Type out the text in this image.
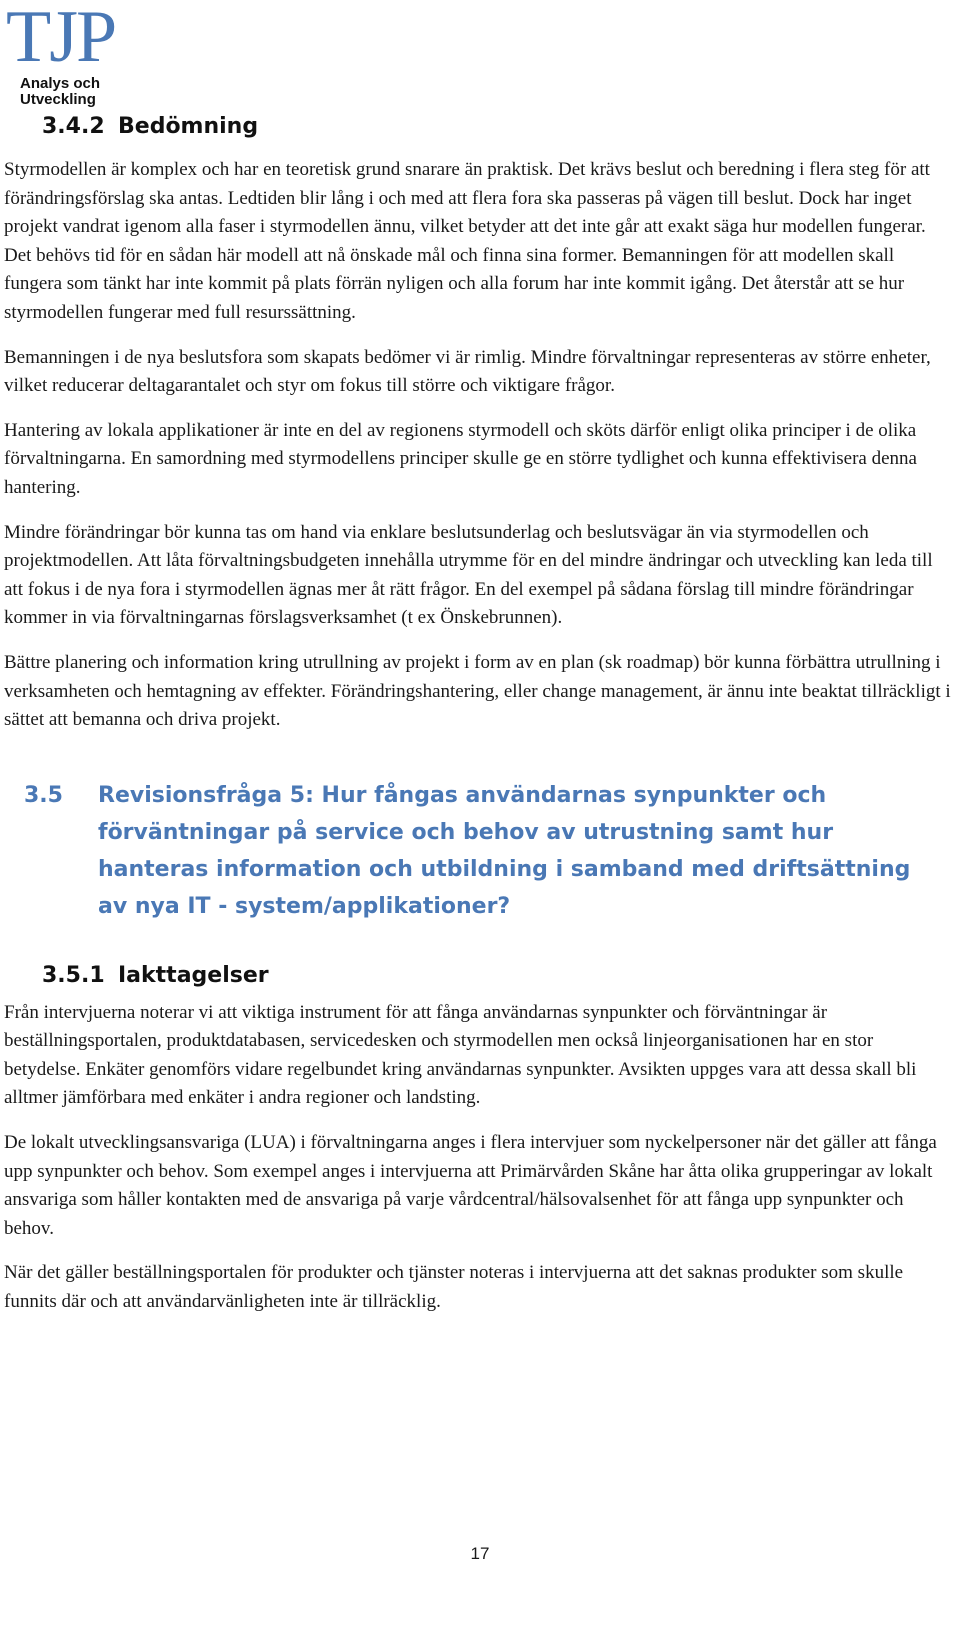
TJP
Analys och
Utveckling
3.4.2 Bedömning

Styrmodellen är komplex och har en teoretisk grund snarare än praktisk. Det krävs beslut och beredning i flera steg för att förändringsförslag ska antas. Ledtiden blir lång i och med att flera fora ska passeras på vägen till beslut. Dock har inget projekt vandrat igenom alla faser i styrmodellen ännu, vilket betyder att det inte går att exakt säga hur modellen fungerar. Det behövs tid för en sådan här modell att nå önskade mål och finna sina former. Bemanningen för att modellen skall fungera som tänkt har inte kommit på plats förrän nyligen och alla forum har inte kommit igång. Det återstår att se hur styrmodellen fungerar med full resurssättning.

Bemanningen i de nya beslutsfora som skapats bedömer vi är rimlig. Mindre förvaltningar representeras av större enheter, vilket reducerar deltagarantalet och styr om fokus till större och viktigare frågor.

Hantering av lokala applikationer är inte en del av regionens styrmodell och sköts därför enligt olika principer i de olika förvaltningarna. En samordning med styrmodellens principer skulle ge en större tydlighet och kunna effektivisera denna hantering.

Mindre förändringar bör kunna tas om hand via enklare beslutsunderlag och beslutsvägar än via styrmodellen och projektmodellen. Att låta förvaltningsbudgeten innehålla utrymme för en del mindre ändringar och utveckling kan leda till att fokus i de nya fora i styrmodellen ägnas mer åt rätt frågor. En del exempel på sådana förslag till mindre förändringar kommer in via förvaltningarnas förslagsverksamhet (t ex Önskebrunnen).

Bättre planering och information kring utrullning av projekt i form av en plan (sk roadmap) bör kunna förbättra utrullning i verksamheten och hemtagning av effekter. Förändringshantering, eller change management, är ännu inte beaktat tillräckligt i sättet att bemanna och driva projekt.

3.5	Revisionsfråga 5: Hur fångas användarnas synpunkter och förväntningar på service och behov av utrustning samt hur hanteras information och utbildning i samband med driftsättning av nya IT - system/applikationer?
3.5.1 Iakttagelser

Från intervjuerna noterar vi att viktiga instrument för att fånga användarnas synpunkter och förväntningar är beställningsportalen, produktdatabasen, servicedesken och styrmodellen men också linjeorganisationen har en stor betydelse. Enkäter genomförs vidare regelbundet kring användarnas synpunkter. Avsikten uppges vara att dessa skall bli alltmer jämförbara med enkäter i andra regioner och landsting.

De lokalt utvecklingsansvariga (LUA) i förvaltningarna anges i flera intervjuer som nyckelpersoner när det gäller att fånga upp synpunkter och behov. Som exempel anges i intervjuerna att Primärvården Skåne har åtta olika grupperingar av lokalt ansvariga som håller kontakten med de ansvariga på varje vårdcentral/hälsovalsenhet för att fånga upp synpunkter och behov.

När det gäller beställningsportalen för produkter och tjänster noteras i intervjuerna att det saknas produkter som skulle funnits där och att användarvänligheten inte är tillräcklig.

17
